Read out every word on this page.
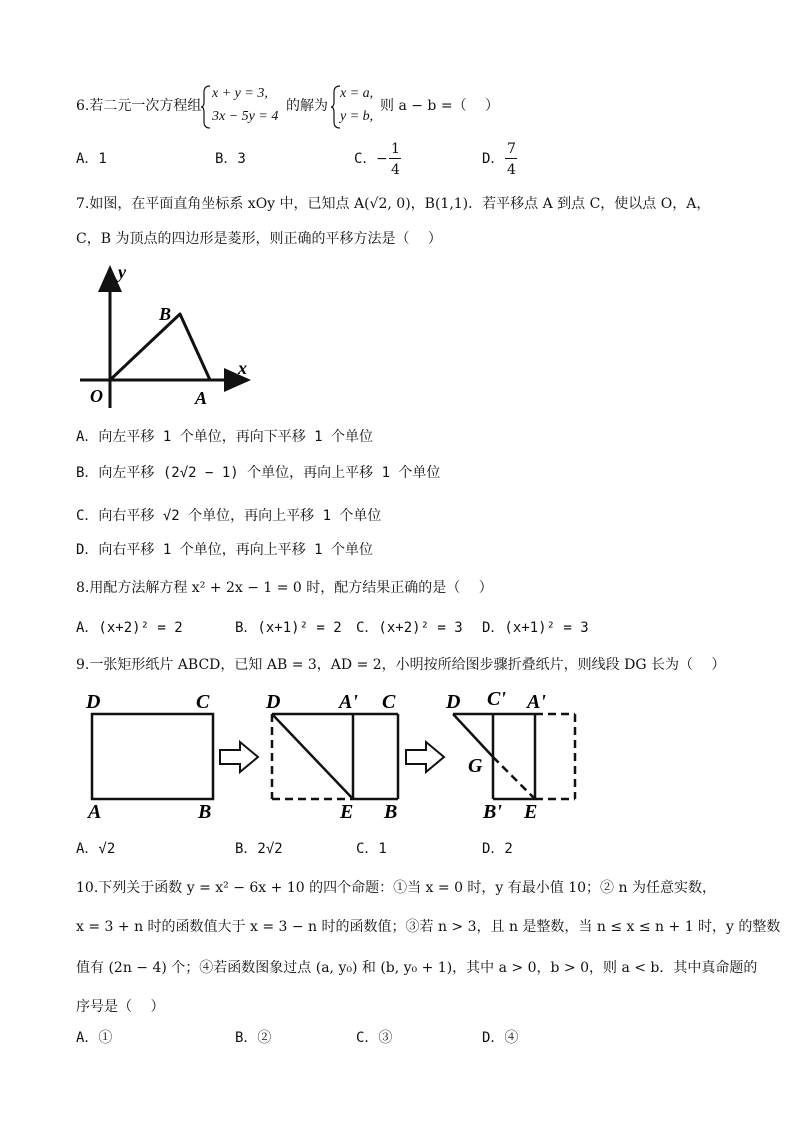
6.若二元一次方程组
x + y = 3,
3x − 5y = 4
的解为
x = a,
y = b,
则 a − b =（　 ）
A．1	B．3	C． −
1
4
D．
7
4
7.如图，在平面直角坐标系 xOy 中，已知点 A(√2, 0)，B(1,1)．若平移点 A 到点 C，使以点 O，A，
C，B 为顶点的四边形是菱形，则正确的平移方法是（　 ）
y
x
O	A
B
A．向左平移 1 个单位，再向下平移 1 个单位
B．向左平移 (2√2 − 1) 个单位，再向上平移 1 个单位
C．向右平移 √2 个单位，再向上平移 1 个单位
D．向右平移 1 个单位，再向上平移 1 个单位
8.用配方法解方程 x² + 2x − 1 = 0 时，配方结果正确的是（　 ）
A．(x+2)² = 2	B．(x+1)² = 2 C．(x+2)² = 3 D．(x+1)² = 3
9.一张矩形纸片 ABCD，已知 AB = 3，AD = 2，小明按所给图步骤折叠纸片，则线段 DG 长为（　 ）
D	C
A	B
D	A' C
E B
D C' A'
G
B' E
A．√2	B．2√2	C．1	D．2
10.下列关于函数 y = x² − 6x + 10 的四个命题：①当 x = 0 时，y 有最小值 10；② n 为任意实数，
x = 3 + n 时的函数值大于 x = 3 − n 时的函数值；③若 n > 3，且 n 是整数，当 n ≤ x ≤ n + 1 时，y 的整数
值有 (2n − 4) 个；④若函数图象过点 (a, y₀) 和 (b, y₀ + 1)，其中 a > 0，b > 0，则 a < b．其中真命题的
序号是（　 ）
A．①	B．②	C．③	D．④
